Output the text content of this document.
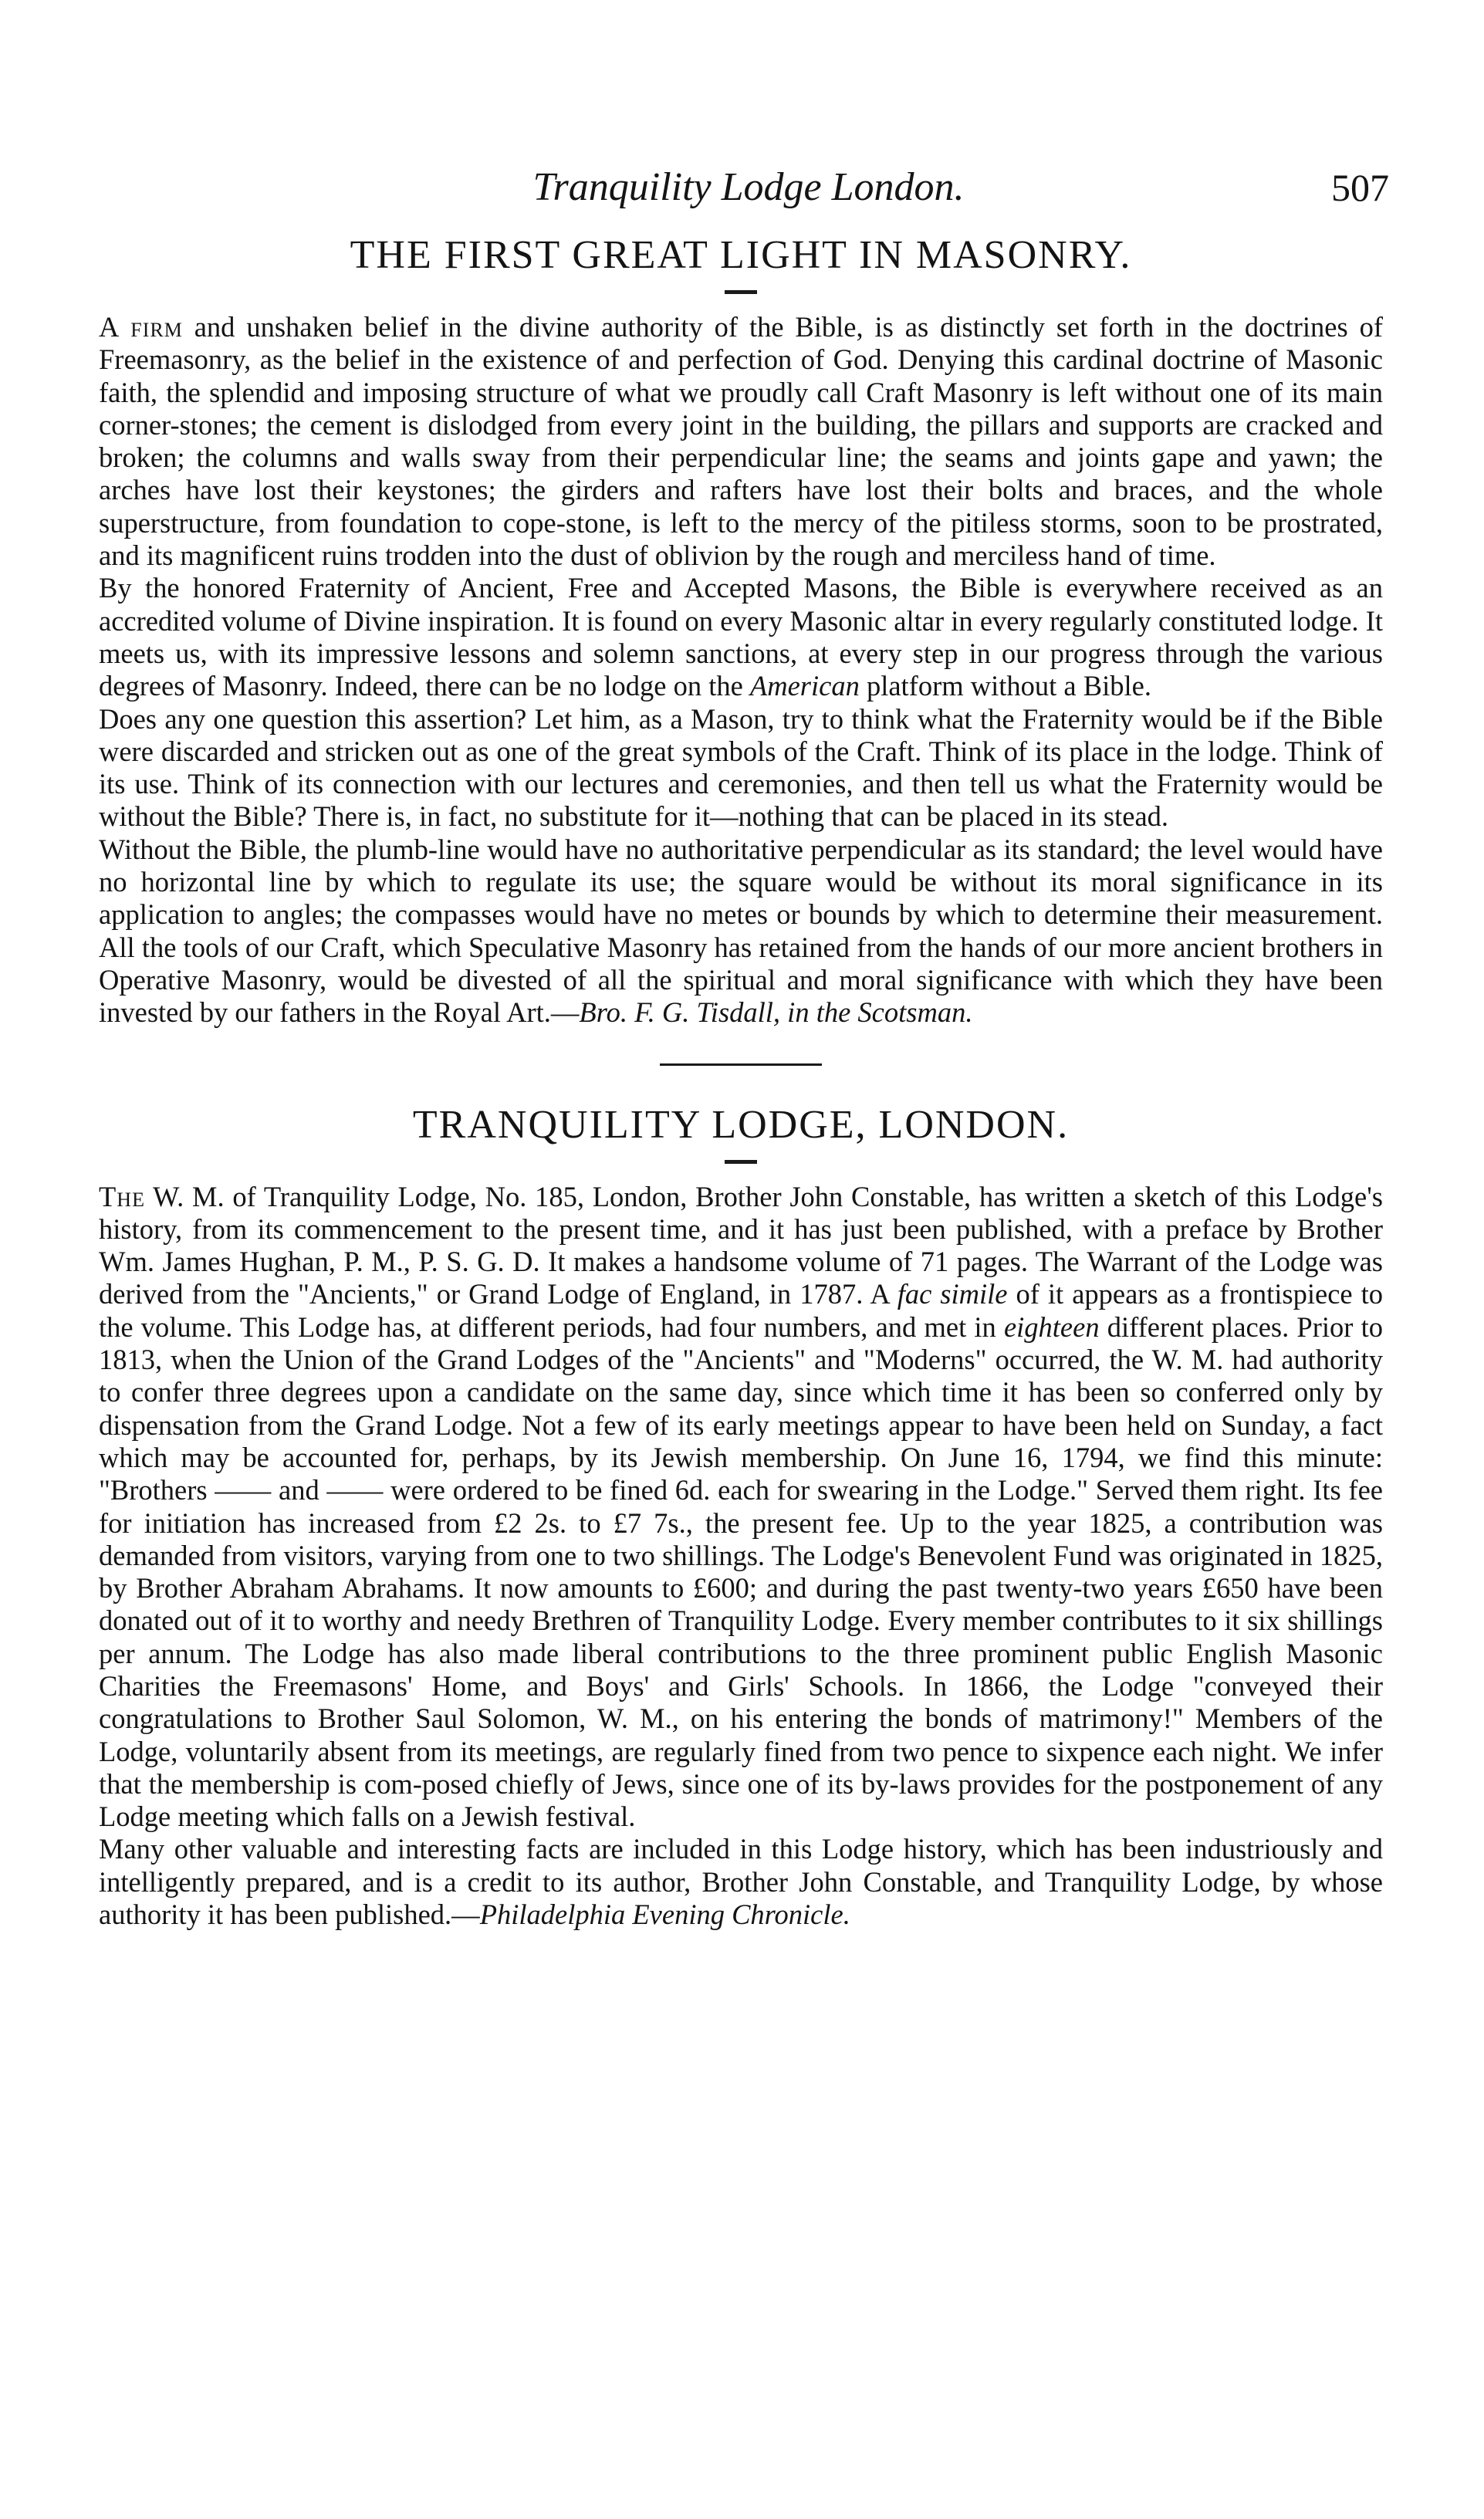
Tranquility Lodge London.	507
THE FIRST GREAT LIGHT IN MASONRY.

A firm and unshaken belief in the divine authority of the Bible, is as distinctly set forth in the doctrines of Freemasonry, as the belief in the existence of and perfection of God. Denying this cardinal doctrine of Masonic faith, the splendid and imposing structure of what we proudly call Craft Masonry is left without one of its main corner-stones; the cement is dislodged from every joint in the building, the pillars and supports are cracked and broken; the columns and walls sway from their perpendicular line; the seams and joints gape and yawn; the arches have lost their keystones; the girders and rafters have lost their bolts and braces, and the whole superstructure, from foundation to cope-stone, is left to the mercy of the pitiless storms, soon to be prostrated, and its magnificent ruins trodden into the dust of oblivion by the rough and merciless hand of time.

By the honored Fraternity of Ancient, Free and Accepted Masons, the Bible is everywhere received as an accredited volume of Divine inspiration. It is found on every Masonic altar in every regularly constituted lodge. It meets us, with its impressive lessons and solemn sanctions, at every step in our progress through the various degrees of Masonry. Indeed, there can be no lodge on the American platform without a Bible.

Does any one question this assertion? Let him, as a Mason, try to think what the Fraternity would be if the Bible were discarded and stricken out as one of the great symbols of the Craft. Think of its place in the lodge. Think of its use. Think of its connection with our lectures and ceremonies, and then tell us what the Fraternity would be without the Bible? There is, in fact, no substitute for it—nothing that can be placed in its stead.

Without the Bible, the plumb-line would have no authoritative perpendicular as its standard; the level would have no horizontal line by which to regulate its use; the square would be without its moral significance in its application to angles; the compasses would have no metes or bounds by which to determine their measurement. All the tools of our Craft, which Speculative Masonry has retained from the hands of our more ancient brothers in Operative Masonry, would be divested of all the spiritual and moral significance with which they have been invested by our fathers in the Royal Art.—Bro. F. G. Tisdall, in the Scotsman.

TRANQUILITY LODGE, LONDON.

The W. M. of Tranquility Lodge, No. 185, London, Brother John Constable, has written a sketch of this Lodge's history, from its commencement to the present time, and it has just been published, with a preface by Brother Wm. James Hughan, P. M., P. S. G. D. It makes a handsome volume of 71 pages. The Warrant of the Lodge was derived from the "Ancients," or Grand Lodge of England, in 1787. A fac simile of it appears as a frontispiece to the volume. This Lodge has, at different periods, had four numbers, and met in eighteen different places. Prior to 1813, when the Union of the Grand Lodges of the "Ancients" and "Moderns" occurred, the W. M. had authority to confer three degrees upon a candidate on the same day, since which time it has been so conferred only by dispensation from the Grand Lodge. Not a few of its early meetings appear to have been held on Sunday, a fact which may be accounted for, perhaps, by its Jewish membership. On June 16, 1794, we find this minute: "Brothers —— and —— were ordered to be fined 6d. each for swearing in the Lodge." Served them right. Its fee for initiation has increased from £2 2s. to £7 7s., the present fee. Up to the year 1825, a contribution was demanded from visitors, varying from one to two shillings. The Lodge's Benevolent Fund was originated in 1825, by Brother Abraham Abrahams. It now amounts to £600; and during the past twenty-two years £650 have been donated out of it to worthy and needy Brethren of Tranquility Lodge. Every member contributes to it six shillings per annum. The Lodge has also made liberal contributions to the three prominent public English Masonic Charities the Freemasons' Home, and Boys' and Girls' Schools. In 1866, the Lodge "conveyed their congratulations to Brother Saul Solomon, W. M., on his entering the bonds of matrimony!" Members of the Lodge, voluntarily absent from its meetings, are regularly fined from two pence to sixpence each night. We infer that the membership is com-posed chiefly of Jews, since one of its by-laws provides for the postponement of any Lodge meeting which falls on a Jewish festival.

Many other valuable and interesting facts are included in this Lodge history, which has been industriously and intelligently prepared, and is a credit to its author, Brother John Constable, and Tranquility Lodge, by whose authority it has been published.—Philadelphia Evening Chronicle.
